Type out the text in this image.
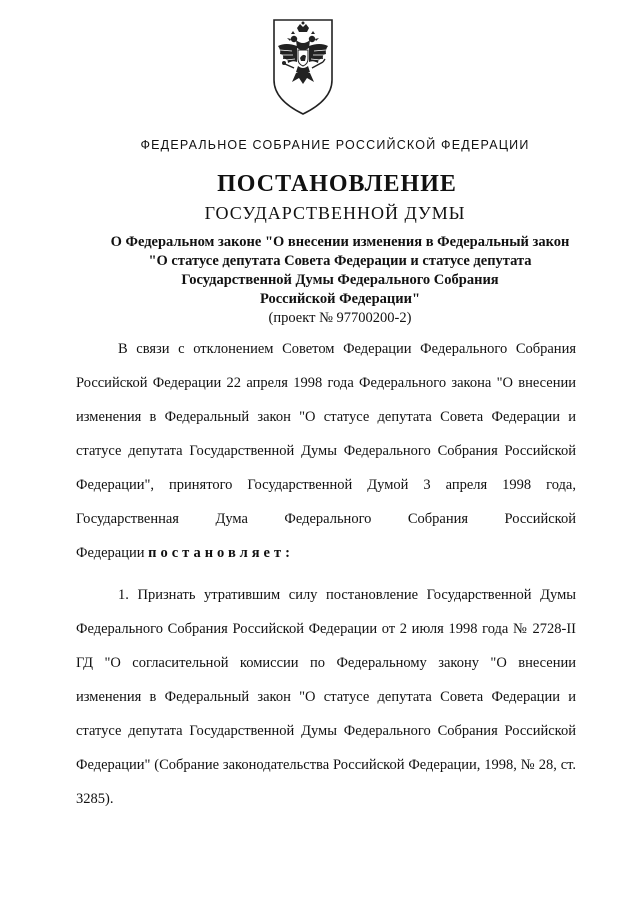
ФЕДЕРАЛЬНОЕ СОБРАНИЕ РОССИЙСКОЙ ФЕДЕРАЦИИ
ПОСТАНОВЛЕНИЕ
ГОСУДАРСТВЕННОЙ ДУМЫ
О Федеральном законе "О внесении изменения в Федеральный закон
"О статусе депутата Совета Федерации и статусе депутата
Государственной Думы Федерального Собрания
Российской Федерации"
(проект № 97700200-2)

В связи с отклонением Советом Федерации Федерального Собрания Российской Федерации 22 апреля 1998 года Федерального закона "О внесении изменения в Федеральный закон "О статусе депутата Совета Федерации и статусе депутата Государственной Думы Федерального Собрания Российской Федерации", принятого Государственной Думой 3 апреля 1998 года, Государственная Дума Федерального Собрания Российской Федерации постановляет:

1. Признать утратившим силу постановление Государственной Думы Федерального Собрания Российской Федерации от 2 июля 1998 года № 2728-II ГД "О согласительной комиссии по Федеральному закону "О внесении изменения в Федеральный закон "О статусе депутата Совета Федерации и статусе депутата Государственной Думы Федерального Собрания Российской Федерации" (Собрание законодательства Российской Федерации, 1998, № 28, ст. 3285).
